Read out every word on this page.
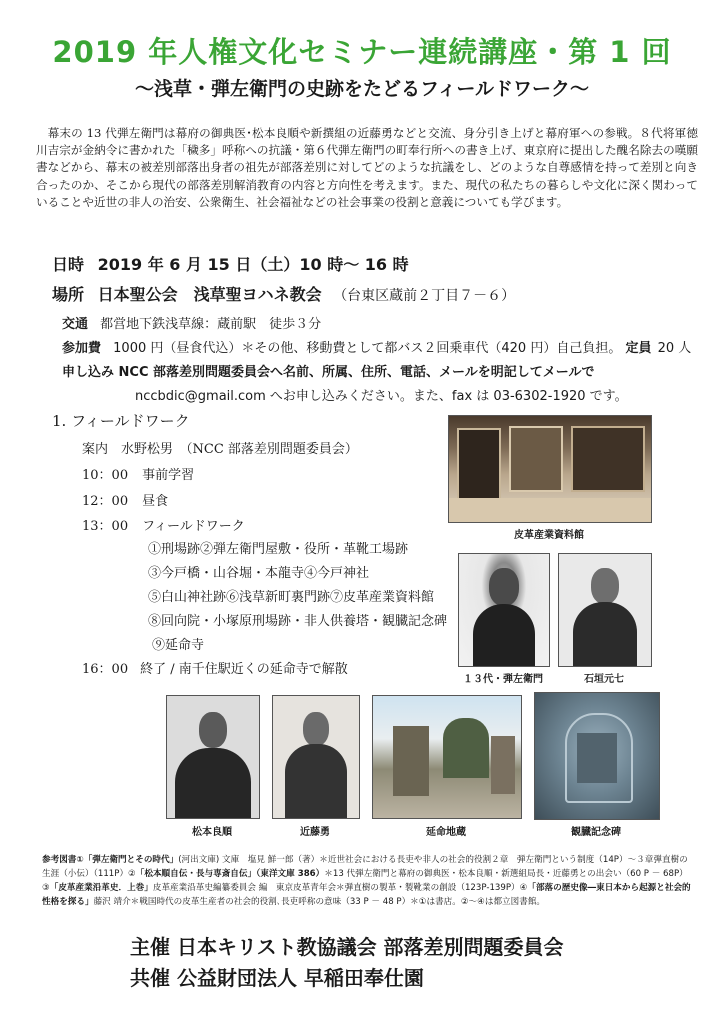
2019 年人権文化セミナー連続講座・第 1 回
～浅草・弾左衛門の史跡をたどるフィールドワーク～
幕末の 13 代弾左衛門は幕府の御典医･松本良順や新撰組の近藤勇などと交流、身分引き上げと幕府軍への参戦。８代将軍徳川吉宗が金納令に書かれた「穢多」呼称への抗議・第６代弾左衛門の町奉行所への書き上げ、東京府に提出した醜名除去の嘆願書などから、幕末の被差別部落出身者の祖先が部落差別に対してどのような抗議をし、どのような自尊感情を持って差別と向き合ったのか、そこから現代の部落差別解消教育の内容と方向性を考えます。また、現代の私たちの暮らしや文化に深く関わっていることや近世の非人の治安、公衆衛生、社会福祉などの社会事業の役割と意義についても学びます。
日時 2019 年 6 月 15 日（土）10 時～ 16 時
場所 日本聖公会　浅草聖ヨハネ教会 （台東区蔵前２丁目７－６）
交通 都営地下鉄浅草線：蔵前駅　徒歩３分
参加費 1000 円（昼食代込）＊その他、移動費として都バス２回乗車代（420 円）自己負担。 定員 20 人
申し込み NCC 部落差別問題委員会へ名前、所属、住所、電話、メールを明記してメールで
nccbdic@gmail.com へお申し込みください。また、fax は 03-6302-1920 です。
1. フィールドワーク
案内　水野松男　（NCC 部落差別問題委員会）
10：00 事前学習
12：00 昼食
13：00 フィールドワーク
①刑場跡②弾左衛門屋敷・役所・革靴工場跡
③今戸橋・山谷堀・本龍寺④今戸神社
⑤白山神社跡⑥浅草新町裏門跡⑦皮革産業資料館
⑧回向院・小塚原刑場跡・非人供養塔・観臓記念碑
⑨延命寺
16：00 終了 / 南千住駅近くの延命寺で解散
皮革産業資料館
１３代・弾左衛門	石垣元七
松本良順	近藤勇	延命地蔵	観臓記念碑
参考図書①「弾左衛門とその時代」(河出文庫) 文庫　塩見 鮮一郎（著）＊近世社会における長吏や非人の社会的役割２章　弾左衛門という制度（14P）～３章弾直樹の生涯（小伝）（111P）②「松本順自伝・長与専斎自伝」（東洋文庫 386）＊13 代弾左衛門と幕府の御典医・松本良順・新選組局長・近藤勇との出会い（60 P － 68P）③「皮革産業沿革史．上巻」皮革産業沿革史編纂委員会 編　東京皮革青年会＊弾直樹の製革・製靴業の創設（123P-139P）④「部落の歴史像―東日本から起源と社会的性格を探る」藤沢 靖介＊戦国時代の皮革生産者の社会的役割､長吏呼称の意味（33 P － 48 P）＊①は書店。②～④は都立図書館。
主催 日本キリスト教協議会 部落差別問題委員会
共催 公益財団法人 早稲田奉仕園
